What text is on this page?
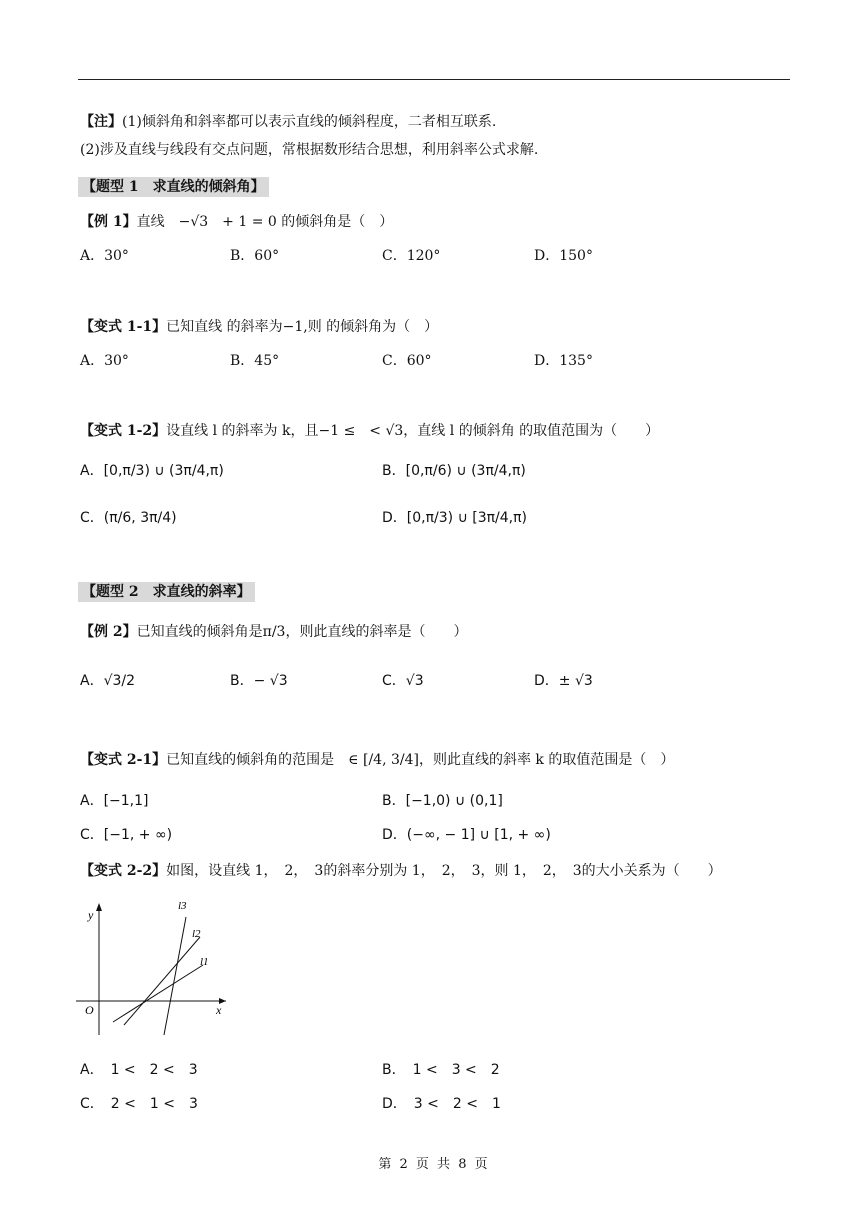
【注】(1)倾斜角和斜率都可以表示直线的倾斜程度，二者相互联系.
(2)涉及直线与线段有交点问题，常根据数形结合思想，利用斜率公式求解.
【题型 1　求直线的倾斜角】
【例 1】直线　−√3　+ 1 = 0 的倾斜角是（　）
A．30°	B．60°	C．120°	D．150°
【变式 1-1】已知直线 的斜率为−1,则 的倾斜角为（　）
A．30°	B．45°	C．60°	D．135°
【变式 1-2】设直线 l 的斜率为 k，且−1 ≤　< √3，直线 l 的倾斜角 的取值范围为（　　）
A．[0,π/3) ∪ (3π/4,π)	B．[0,π/6) ∪ (3π/4,π)
C．(π/6, 3π/4)	D．[0,π/3) ∪ [3π/4,π)
【题型 2　求直线的斜率】
【例 2】已知直线的倾斜角是π/3，则此直线的斜率是（　　）
A．√3/2	B．− √3	C．√3	D．± √3
【变式 2-1】已知直线的倾斜角的范围是　∈ [/4, 3/4]，则此直线的斜率 k 的取值范围是（　）
A．[−1,1]	B．[−1,0) ∪ (0,1]
C．[−1, + ∞)	D．(−∞, − 1] ∪ [1, + ∞)
【变式 2-2】如图，设直线 1，　2，　3的斜率分别为 1，　2，　3，则 1，　2，　3的大小关系为（　　）
y
x
O
l1
l2
l3
A．　1 <　2 <　3	B．　1 <　3 <　2
C．　2 <　1 <　3	D．　3 <　2 <　1
第 2 页 共 8 页
